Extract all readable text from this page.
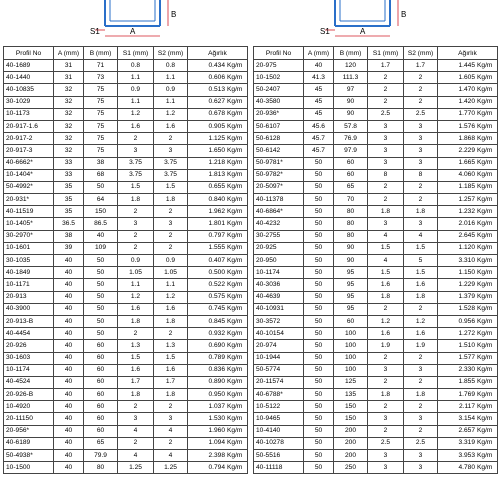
B
A
S1
B
A
S1
Profil No	A (mm)	B (mm)	S1 (mm)	S2 (mm)	Ağırlık
40-1689	31	71	0.8	0.8	0.434 Kg/m
40-1440	31	73	1.1	1.1	0.606 Kg/m
40-10835	32	75	0.9	0.9	0.513 Kg/m
30-1029	32	75	1.1	1.1	0.627 Kg/m
10-1173	32	75	1.2	1.2	0.678 Kg/m
20-917-1.6	32	75	1.6	1.6	0.905 Kg/m
20-917-2	32	75	2	2	1.125 Kg/m
20-917-3	32	75	3	3	1.650 Kg/m
40-6662*	33	38	3.75	3.75	1.218 Kg/m
10-1404*	33	68	3.75	3.75	1.813 Kg/m
50-4992*	35	50	1.5	1.5	0.655 Kg/m
20-931*	35	64	1.8	1.8	0.840 Kg/m
40-11519	35	150	2	2	1.962 Kg/m
10-1405*	36.5	86.5	3	3	1.801 Kg/m
30-2970*	38	40	2	2	0.797 Kg/m
10-1601	39	109	2	2	1.555 Kg/m
30-1035	40	50	0.9	0.9	0.407 Kg/m
40-1849	40	50	1.05	1.05	0.500 Kg/m
10-1171	40	50	1.1	1.1	0.522 Kg/m
20-913	40	50	1.2	1.2	0.575 Kg/m
40-3900	40	50	1.6	1.6	0.745 Kg/m
20-913-B	40	50	1.8	1.8	0.845 Kg/m
40-4454	40	50	2	2	0.932 Kg/m
20-926	40	60	1.3	1.3	0.690 Kg/m
30-1603	40	60	1.5	1.5	0.789 Kg/m
10-1174	40	60	1.6	1.6	0.836 Kg/m
40-4524	40	60	1.7	1.7	0.890 Kg/m
20-926-B	40	60	1.8	1.8	0.950 Kg/m
10-4920	40	60	2	2	1.037 Kg/m
20-11150	40	60	3	3	1.530 Kg/m
20-956*	40	60	4	4	1.960 Kg/m
40-6189	40	65	2	2	1.094 Kg/m
50-4938*	40	79.9	4	4	2.398 Kg/m
10-1500	40	80	1.25	1.25	0.794 Kg/m
Profil No	A (mm)	B (mm)	S1 (mm)	S2 (mm)	Ağırlık
20-975	40	120	1.7	1.7	1.445 Kg/m
10-1502	41.3	111.3	2	2	1.605 Kg/m
50-2407	45	97	2	2	1.470 Kg/m
40-3580	45	90	2	2	1.420 Kg/m
20-936*	45	90	2.5	2.5	1.770 Kg/m
50-6107	45.6	57.8	3	3	1.576 Kg/m
50-6128	45.7	76.9	3	3	1.868 Kg/m
50-6142	45.7	97.9	3	3	2.229 Kg/m
50-9781*	50	60	3	3	1.665 Kg/m
50-9782*	50	60	8	8	4.060 Kg/m
20-5097*	50	65	2	2	1.185 Kg/m
40-11378	50	70	2	2	1.257 Kg/m
40-6864*	50	80	1.8	1.8	1.232 Kg/m
40-4232	50	80	3	3	2.016 Kg/m
30-2755	50	80	4	4	2.645 Kg/m
20-925	50	90	1.5	1.5	1.120 Kg/m
20-950	50	90	4	5	3.310 Kg/m
10-1174	50	95	1.5	1.5	1.150 Kg/m
40-3036	50	95	1.6	1.6	1.229 Kg/m
40-4639	50	95	1.8	1.8	1.379 Kg/m
40-10931	50	95	2	2	1.528 Kg/m
30-3572	50	60	1.2	1.2	0.956 Kg/m
40-10154	50	100	1.6	1.6	1.272 Kg/m
20-974	50	100	1.9	1.9	1.510 Kg/m
10-1944	50	100	2	2	1.577 Kg/m
50-5774	50	100	3	3	2.330 Kg/m
20-11574	50	125	2	2	1.855 Kg/m
40-6788*	50	135	1.8	1.8	1.769 Kg/m
10-5122	50	150	2	2	2.117 Kg/m
10-9465	50	150	3	3	3.154 Kg/m
10-4140	50	200	2	2	2.657 Kg/m
40-10278	50	200	2.5	2.5	3.319 Kg/m
50-5516	50	200	3	3	3.953 Kg/m
40-11118	50	250	3	3	4.780 Kg/m
